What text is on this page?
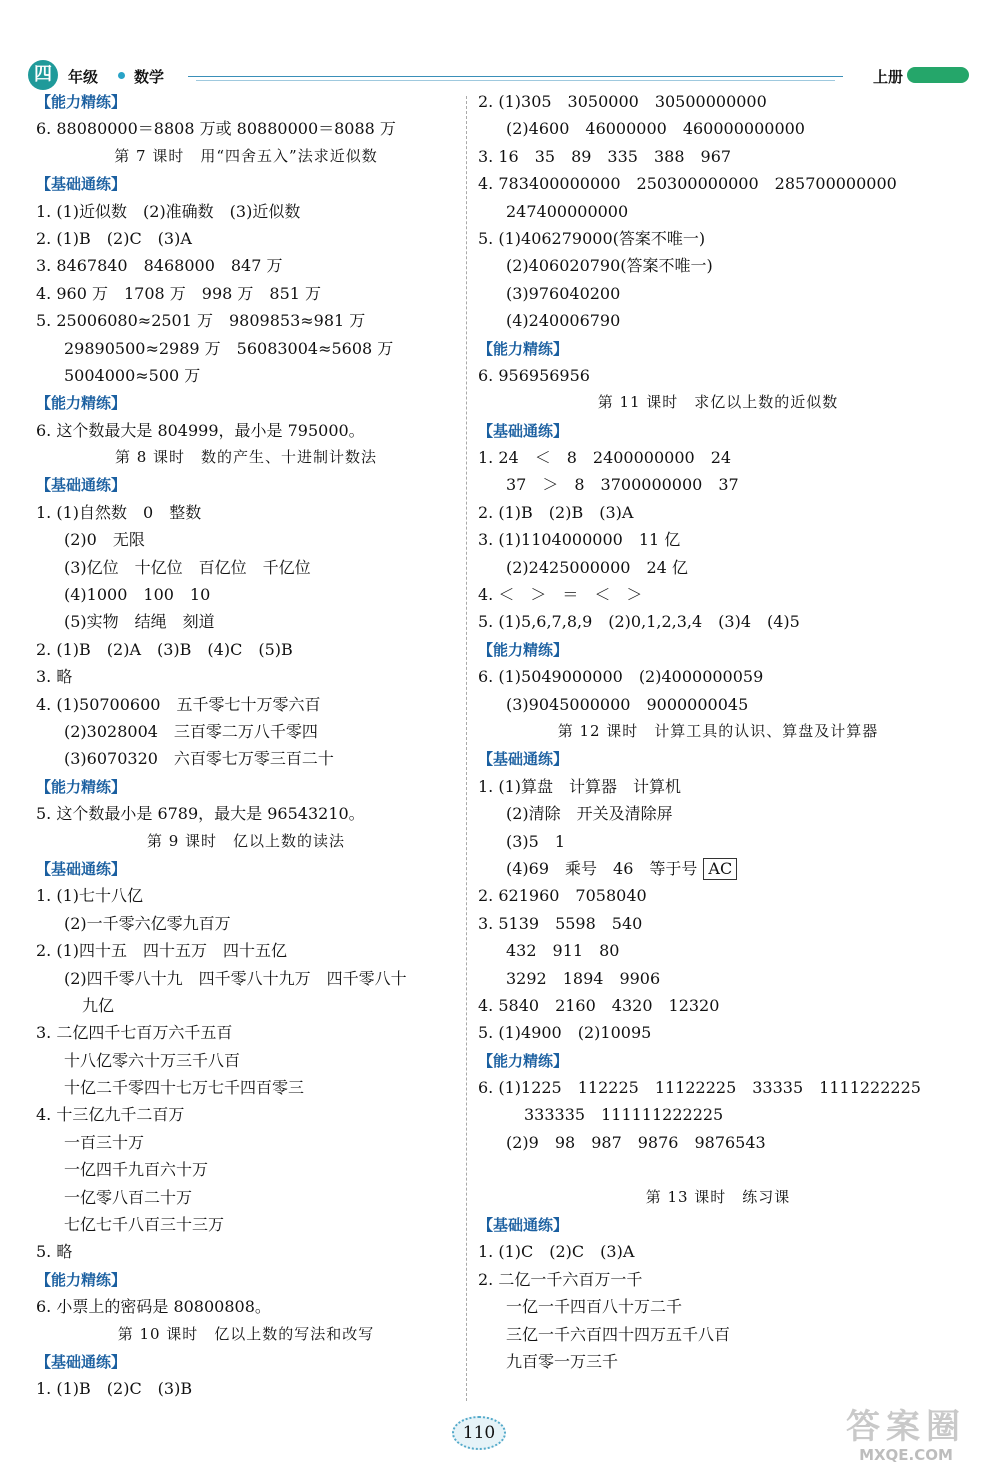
四	年级 数学	上册
【能力精练】
6. 88080000＝8808 万或 80880000＝8088 万
第 7 课时　用“四舍五入”法求近似数
【基础通练】
1. (1)近似数　(2)准确数　(3)近似数
2. (1)B　(2)C　(3)A
3. 8467840　8468000　847 万
4. 960 万　1708 万　998 万　851 万
5. 25006080≈2501 万　9809853≈981 万
29890500≈2989 万　56083004≈5608 万
5004000≈500 万
【能力精练】
6. 这个数最大是 804999，最小是 795000。
第 8 课时　数的产生、十进制计数法
【基础通练】
1. (1)自然数　0　整数
(2)0　无限
(3)亿位　十亿位　百亿位　千亿位
(4)1000　100　10
(5)实物　结绳　刻道
2. (1)B　(2)A　(3)B　(4)C　(5)B
3. 略
4. (1)50700600　五千零七十万零六百
(2)3028004　三百零二万八千零四
(3)6070320　六百零七万零三百二十
【能力精练】
5. 这个数最小是 6789，最大是 96543210。
第 9 课时　亿以上数的读法
【基础通练】
1. (1)七十八亿
(2)一千零六亿零九百万
2. (1)四十五　四十五万　四十五亿
(2)四千零八十九　四千零八十九万　四千零八十
九亿
3. 二亿四千七百万六千五百
十八亿零六十万三千八百
十亿二千零四十七万七千四百零三
4. 十三亿九千二百万
一百三十万
一亿四千九百六十万
一亿零八百二十万
七亿七千八百三十三万
5. 略
【能力精练】
6. 小票上的密码是 80800808。
第 10 课时　亿以上数的写法和改写
【基础通练】
1. (1)B　(2)C　(3)B
2. (1)305　3050000　30500000000
(2)4600　46000000　460000000000
3. 16　35　89　335　388　967
4. 783400000000　250300000000　285700000000
247400000000
5. (1)406279000(答案不唯一)
(2)406020790(答案不唯一)
(3)976040200
(4)240006790
【能力精练】
6. 956956956
第 11 课时　求亿以上数的近似数
【基础通练】
1. 24　＜　8　2400000000　24
37　＞　8　3700000000　37
2. (1)B　(2)B　(3)A
3. (1)1104000000　11 亿
(2)2425000000　24 亿
4. ＜　＞　＝　＜　＞
5. (1)5,6,7,8,9　(2)0,1,2,3,4　(3)4　(4)5
【能力精练】
6. (1)5049000000　(2)4000000059
(3)9045000000　9000000045
第 12 课时　计算工具的认识、算盘及计算器
【基础通练】
1. (1)算盘　计算器　计算机
(2)清除　开关及清除屏
(3)5　1
(4)69　乘号　46　等于号 AC
2. 621960　7058040
3. 5139　5598　540
432　911　80
3292　1894　9906
4. 5840　2160　4320　12320
5. (1)4900　(2)10095
【能力精练】
6. (1)1225　112225　11122225　33335　1111222225
333335　111111222225
(2)9　98　987　9876　9876543
第 13 课时　练习课
【基础通练】
1. (1)C　(2)C　(3)A
2. 二亿一千六百万一千
一亿一千四百八十万二千
三亿一千六百四十四万五千八百
九百零一万三千
110	答案圈
MXQE.COM
